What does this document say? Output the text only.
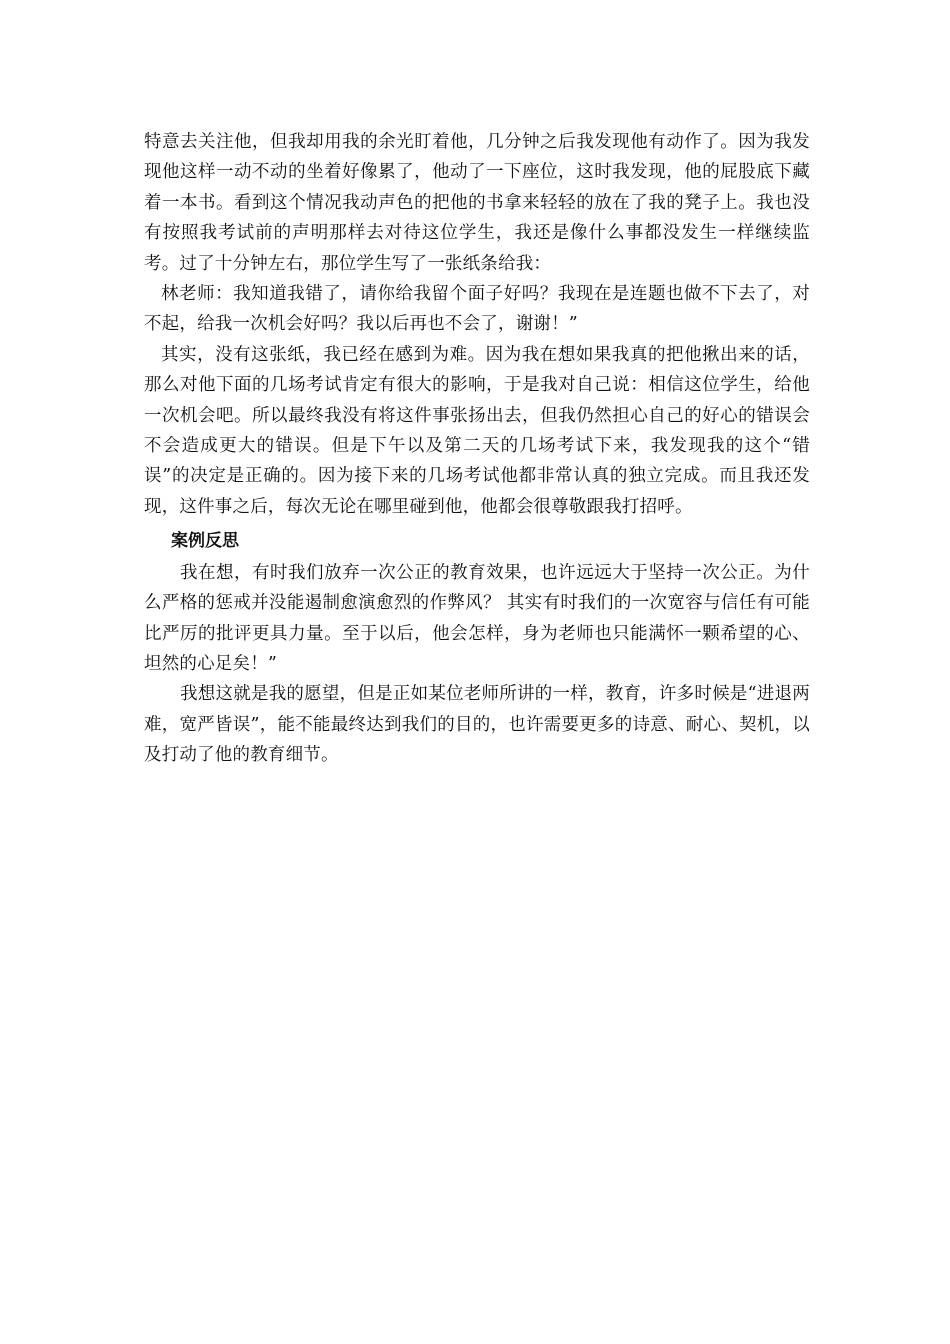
特意去关注他，但我却用我的余光盯着他，几分钟之后我发现他有动作了。因为我发现他这样一动不动的坐着好像累了，他动了一下座位，这时我发现，他的屁股底下藏着一本书。看到这个情况我动声色的把他的书拿来轻轻的放在了我的凳子上。我也没有按照我考试前的声明那样去对待这位学生，我还是像什么事都没发生一样继续监考。过了十分钟左右，那位学生写了一张纸条给我：

林老师：我知道我错了，请你给我留个面子好吗？我现在是连题也做不下去了，对不起，给我一次机会好吗？我以后再也不会了，谢谢！”

其实，没有这张纸，我已经在感到为难。因为我在想如果我真的把他揪出来的话，那么对他下面的几场考试肯定有很大的影响，于是我对自己说：相信这位学生，给他一次机会吧。所以最终我没有将这件事张扬出去，但我仍然担心自己的好心的错误会不会造成更大的错误。但是下午以及第二天的几场考试下来，我发现我的这个“错误”的决定是正确的。因为接下来的几场考试他都非常认真的独立完成。而且我还发现，这件事之后，每次无论在哪里碰到他，他都会很尊敬跟我打招呼。

案例反思

我在想，有时我们放弃一次公正的教育效果，也许远远大于坚持一次公正。为什么严格的惩戒并没能遏制愈演愈烈的作弊风？ 其实有时我们的一次宽容与信任有可能比严厉的批评更具力量。至于以后，他会怎样，身为老师也只能满怀一颗希望的心、坦然的心足矣！”

我想这就是我的愿望，但是正如某位老师所讲的一样，教育，许多时候是“进退两难，宽严皆误”，能不能最终达到我们的目的，也许需要更多的诗意、耐心、契机，以及打动了他的教育细节。
